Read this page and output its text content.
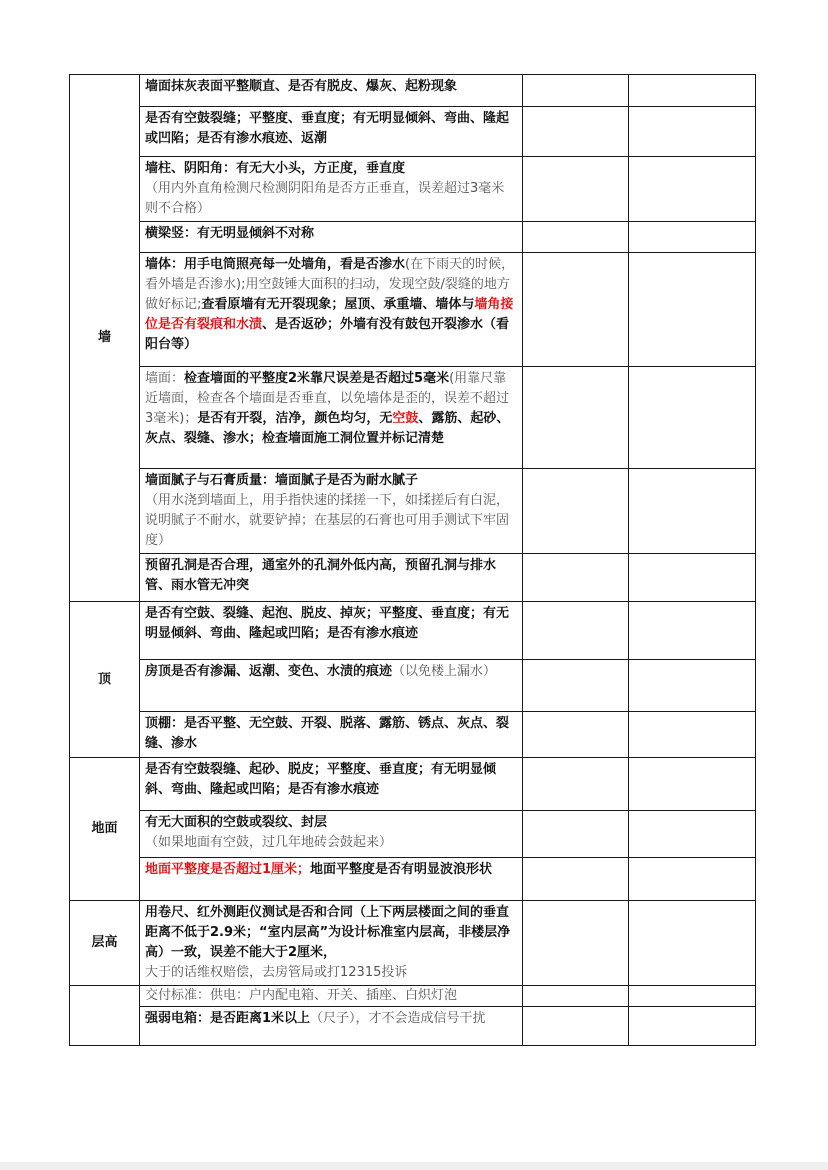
墙	墙面抹灰表面平整顺直、是否有脱皮、爆灰、起粉现象		
	是否有空鼓裂缝；平整度、垂直度；有无明显倾斜、弯曲、隆起或凹陷；是否有渗水痕迹、返潮		
	墙柱、阴阳角：有无大小头，方正度，垂直度
（用内外直角检测尺检测阴阳角是否方正垂直，误差超过3毫米则不合格）		
	横梁竖：有无明显倾斜不对称		
	墙体：用手电筒照亮每一处墙角，看是否渗水(在下雨天的时候，看外墙是否渗水);用空鼓锤大面积的扫动，发现空鼓/裂缝的地方做好标记;查看原墙有无开裂现象；屋顶、承重墙、墙体与墙角接位是否有裂痕和水渍、是否返砂；外墙有没有鼓包开裂渗水（看阳台等）		
	墙面：检查墙面的平整度2米靠尺误差是否超过5毫米(用靠尺靠近墙面，检查各个墙面是否垂直，以免墙体是歪的，误差不超过3毫米)；是否有开裂，洁净，颜色均匀，无空鼓、露筋、起砂、灰点、裂缝、渗水；检查墙面施工洞位置并标记清楚		
	墙面腻子与石膏质量：墙面腻子是否为耐水腻子
（用水浇到墙面上，用手指快速的揉搓一下，如揉搓后有白泥，说明腻子不耐水，就要铲掉；在基层的石膏也可用手测试下牢固度）		
	预留孔洞是否合理，通室外的孔洞外低内高，预留孔洞与排水管、雨水管无冲突		
顶	是否有空鼓、裂缝、起泡、脱皮、掉灰；平整度、垂直度；有无明显倾斜、弯曲、隆起或凹陷；是否有渗水痕迹		
	房顶是否有渗漏、返潮、变色、水渍的痕迹（以免楼上漏水）		
	顶棚：是否平整、无空鼓、开裂、脱落、露筋、锈点、灰点、裂缝、渗水		
地面	是否有空鼓裂缝、起砂、脱皮；平整度、垂直度；有无明显倾斜、弯曲、隆起或凹陷；是否有渗水痕迹		
	有无大面积的空鼓或裂纹、封层
（如果地面有空鼓，过几年地砖会鼓起来）		
	地面平整度是否超过1厘米；地面平整度是否有明显波浪形状		
层高	用卷尺、红外测距仪测试是否和合同（上下两层楼面之间的垂直距离不低于2.9米；“室内层高”为设计标准室内层高，非楼层净高）一致，误差不能大于2厘米，
大于的话维权赔偿，去房管局或打12315投诉		
	交付标准：供电：户内配电箱、开关、插座、白炽灯泡		

	强弱电箱：是否距离1米以上（尺子），才不会造成信号干扰		
